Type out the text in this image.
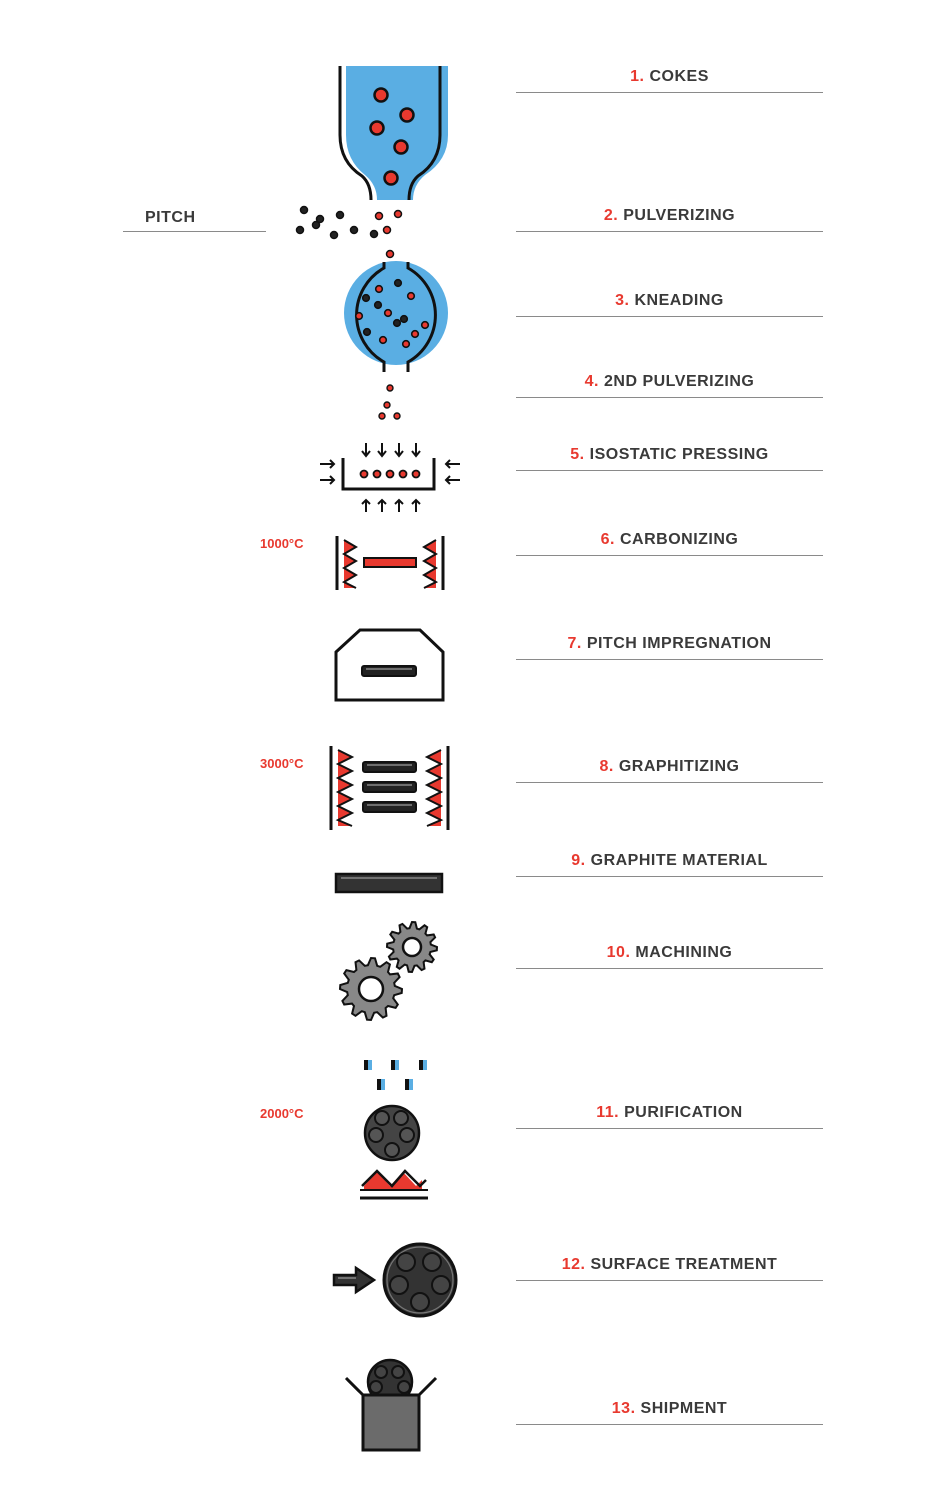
PITCH
1. COKES
2. PULVERIZING
3. KNEADING
4. 2ND PULVERIZING
5. ISOSTATIC PRESSING
6. CARBONIZING
7. PITCH IMPREGNATION
8. GRAPHITIZING
9. GRAPHITE MATERIAL
10. MACHINING
11. PURIFICATION
12. SURFACE TREATMENT
13. SHIPMENT
1000°C
3000°C
2000°C
